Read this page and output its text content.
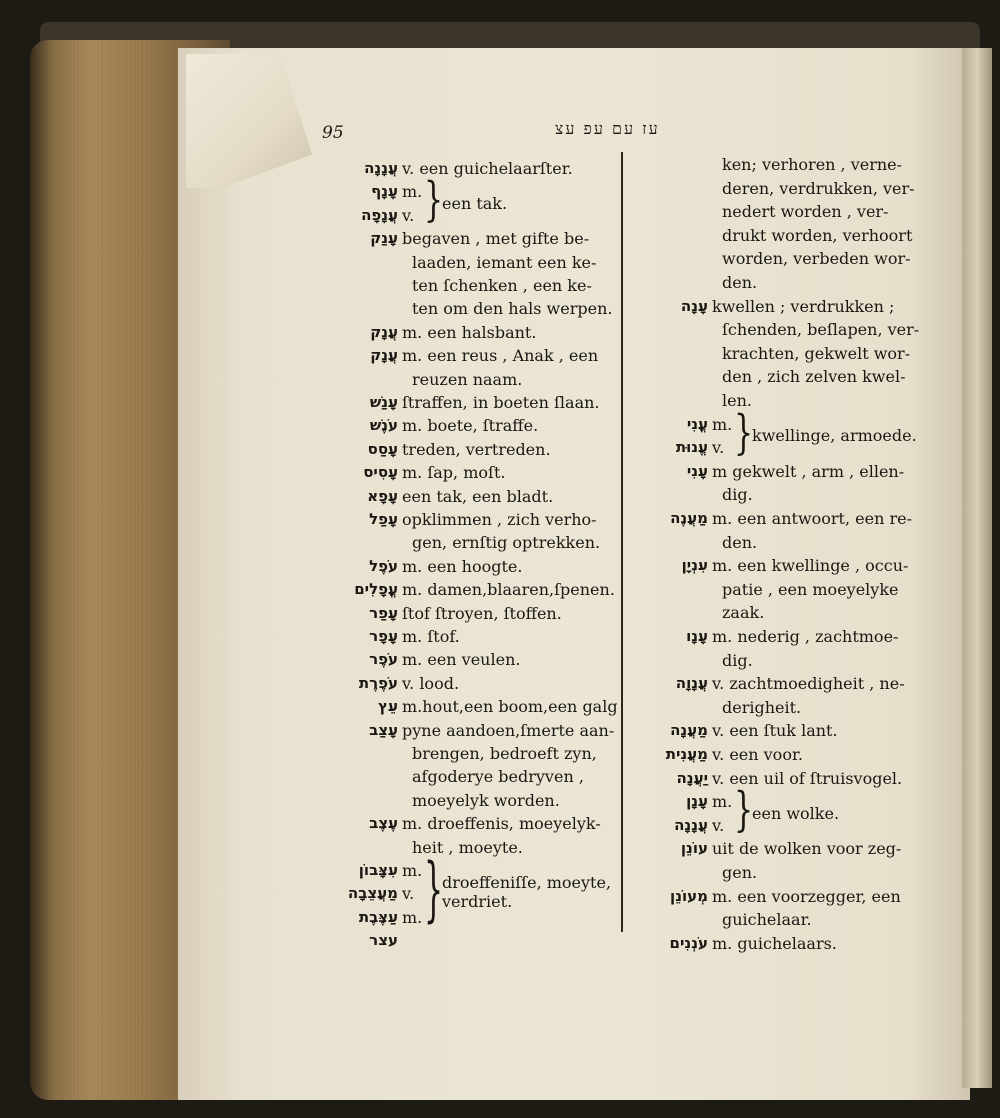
95	עז עם עפ עצ
עֲנָנָה v. een guichelaarſter.
עָנָף m.
עֲנָפָה v. }
een tak.
עָנַק begaven , met gifte be-
laaden, iemant een ke-
ten ſchenken , een ke-
ten om den hals werpen.
עֲנָק m. een halsbant.
עֲנָק m. een reus , Anak , een
reuzen naam.
עָנַשׁ ſtraffen, in boeten ſlaan.
עֹנֶשׁ m. boete, ſtraffe.
עָסַס treden, vertreden.
עָסִיס m. ſap, moſt.
עָפָא een tak, een bladt.
עָפַל opklimmen , zich verho-
gen, ernſtig optrekken.
עֹפֶל m. een hoogte.
עֳפָלִים m. damen,blaaren,ſpenen.
עָפַר ſtof ſtroyen, ſtoffen.
עָפָר m. ſtof.
עֹפֶר m. een veulen.
עֹפֶרֶת v. lood.
עֵץ m.hout,een boom,een galg
עָצַב pyne aandoen,ſmerte aan-
brengen, bedroeft zyn,
afgoderye bedryven ,
moeyelyk worden.
עֶצֶב m. droeffenis, moeyelyk-
heit , moeyte.
עִצָּבוֹן m.
מַעֲצֵבָה v.
עַצֶּבֶת m. }
droeffeniſſe, moeyte,
verdriet.
עצר
ken; verhoren , verne-
deren, verdrukken, ver-
nedert worden , ver-
drukt worden, verhoort
worden, verbeden wor-
den.
עָנָה kwellen ; verdrukken ;
ſchenden, beſlapen, ver-
krachten, gekwelt wor-
den , zich zelven kwel-
len.
עֳנִי m.
עֱנוּת v. }
kwellinge, armoede.
עָנִי m gekwelt , arm , ellen-
dig.
מַעֲנֶה m. een antwoort, een re-
den.
עִנְיָן m. een kwellinge , occu-
patie , een moeyelyke
zaak.
עָנָו m. nederig , zachtmoe-
dig.
עֲנָוָה v. zachtmoedigheit , ne-
derigheit.
מַעֲנָה v. een ſtuk lant.
מַעֲנִית v. een voor.
יַעֲנָה v. een uil of ſtruisvogel.
עָנָן m.
עֲנָנָה v. }
een wolke.
עוֹנֵן uit de wolken voor zeg-
gen.
מְעוֹנֵן m. een voorzegger, een
guichelaar.
עֹנְנִים m. guichelaars.
